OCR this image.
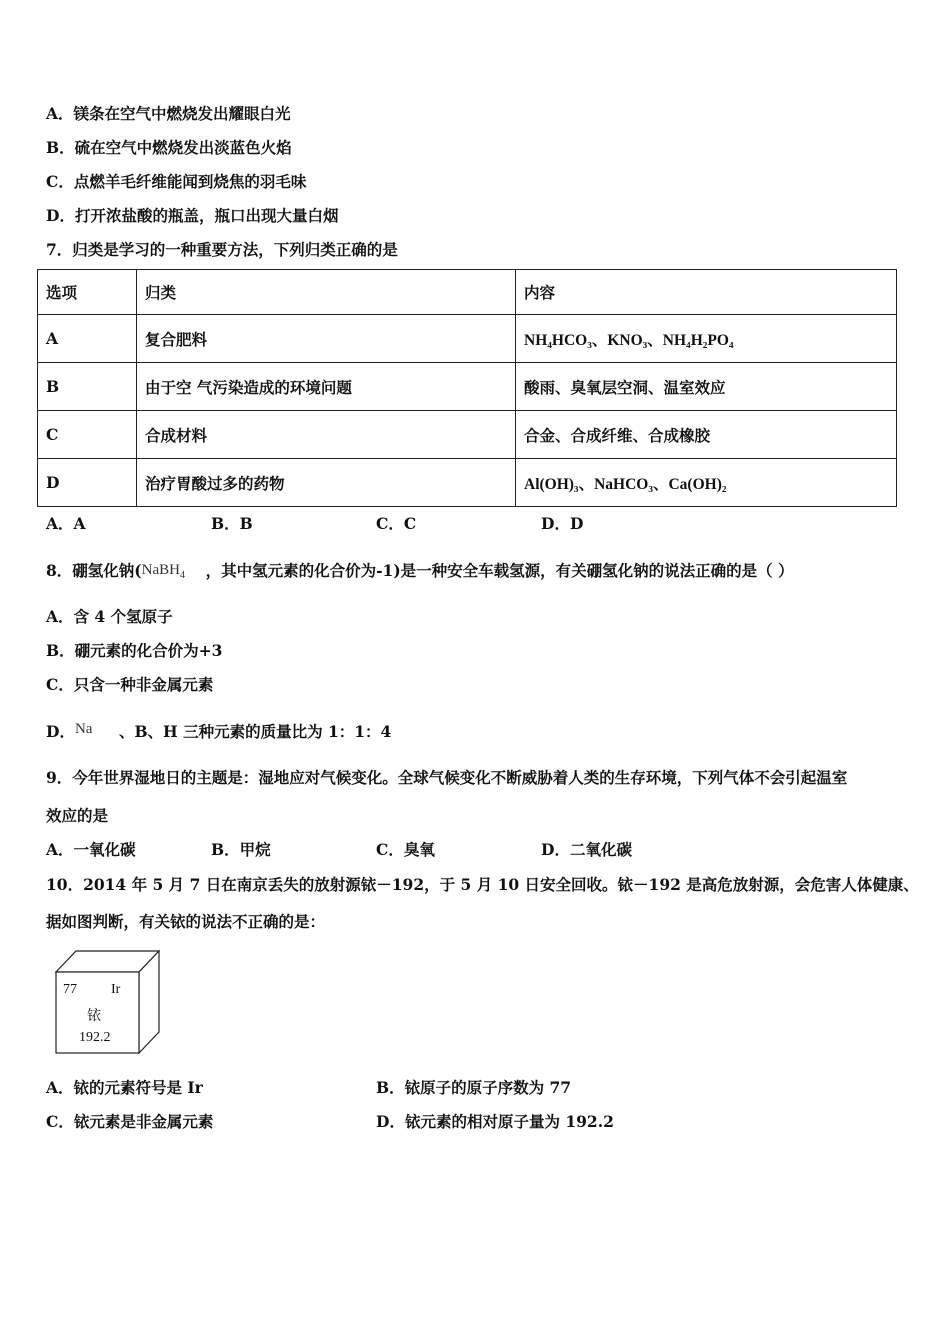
A．镁条在空气中燃烧发出耀眼白光
B．硫在空气中燃烧发出淡蓝色火焰
C．点燃羊毛纤维能闻到烧焦的羽毛味
D．打开浓盐酸的瓶盖，瓶口出现大量白烟
7．归类是学习的一种重要方法，下列归类正确的是
选项	归类	内容
A	复合肥料	NH₄HCO₃、KNO₃、NH₄H₂PO₄
B	由于空 气污染造成的环境问题	酸雨、臭氧层空洞、温室效应
C	合成材料	合金、合成纤维、合成橡胶
D	治疗胃酸过多的药物	Al(OH)₃、NaHCO₃、Ca(OH)₂
A．A	B．B	C．C	D．D
8．硼氢化钠( NaBH$_4$ ，其中氢元素的化合价为-1)是一种安全车载氢源，有关硼氢化钠的说法正确的是（ ）
A．含 4 个氢原子
B．硼元素的化合价为+3
C．只含一种非金属元素
D． Na 、B、H 三种元素的质量比为 1：1：4
9．今年世界湿地日的主题是：湿地应对气候变化。全球气候变化不断威胁着人类的生存环境，下列气体不会引起温室
效应的是
A．一氧化碳	B．甲烷	C．臭氧	D．二氧化碳
10．2014 年 5 月 7 日在南京丢失的放射源铱－192，于 5 月 10 日安全回收。铱－192 是高危放射源，会危害人体健康、
据如图判断，有关铱的说法不正确的是：
77 Ir
铱
192.2
A．铱的元素符号是 Ir	B．铱原子的原子序数为 77
C．铱元素是非金属元素	D．铱元素的相对原子量为 192.2
